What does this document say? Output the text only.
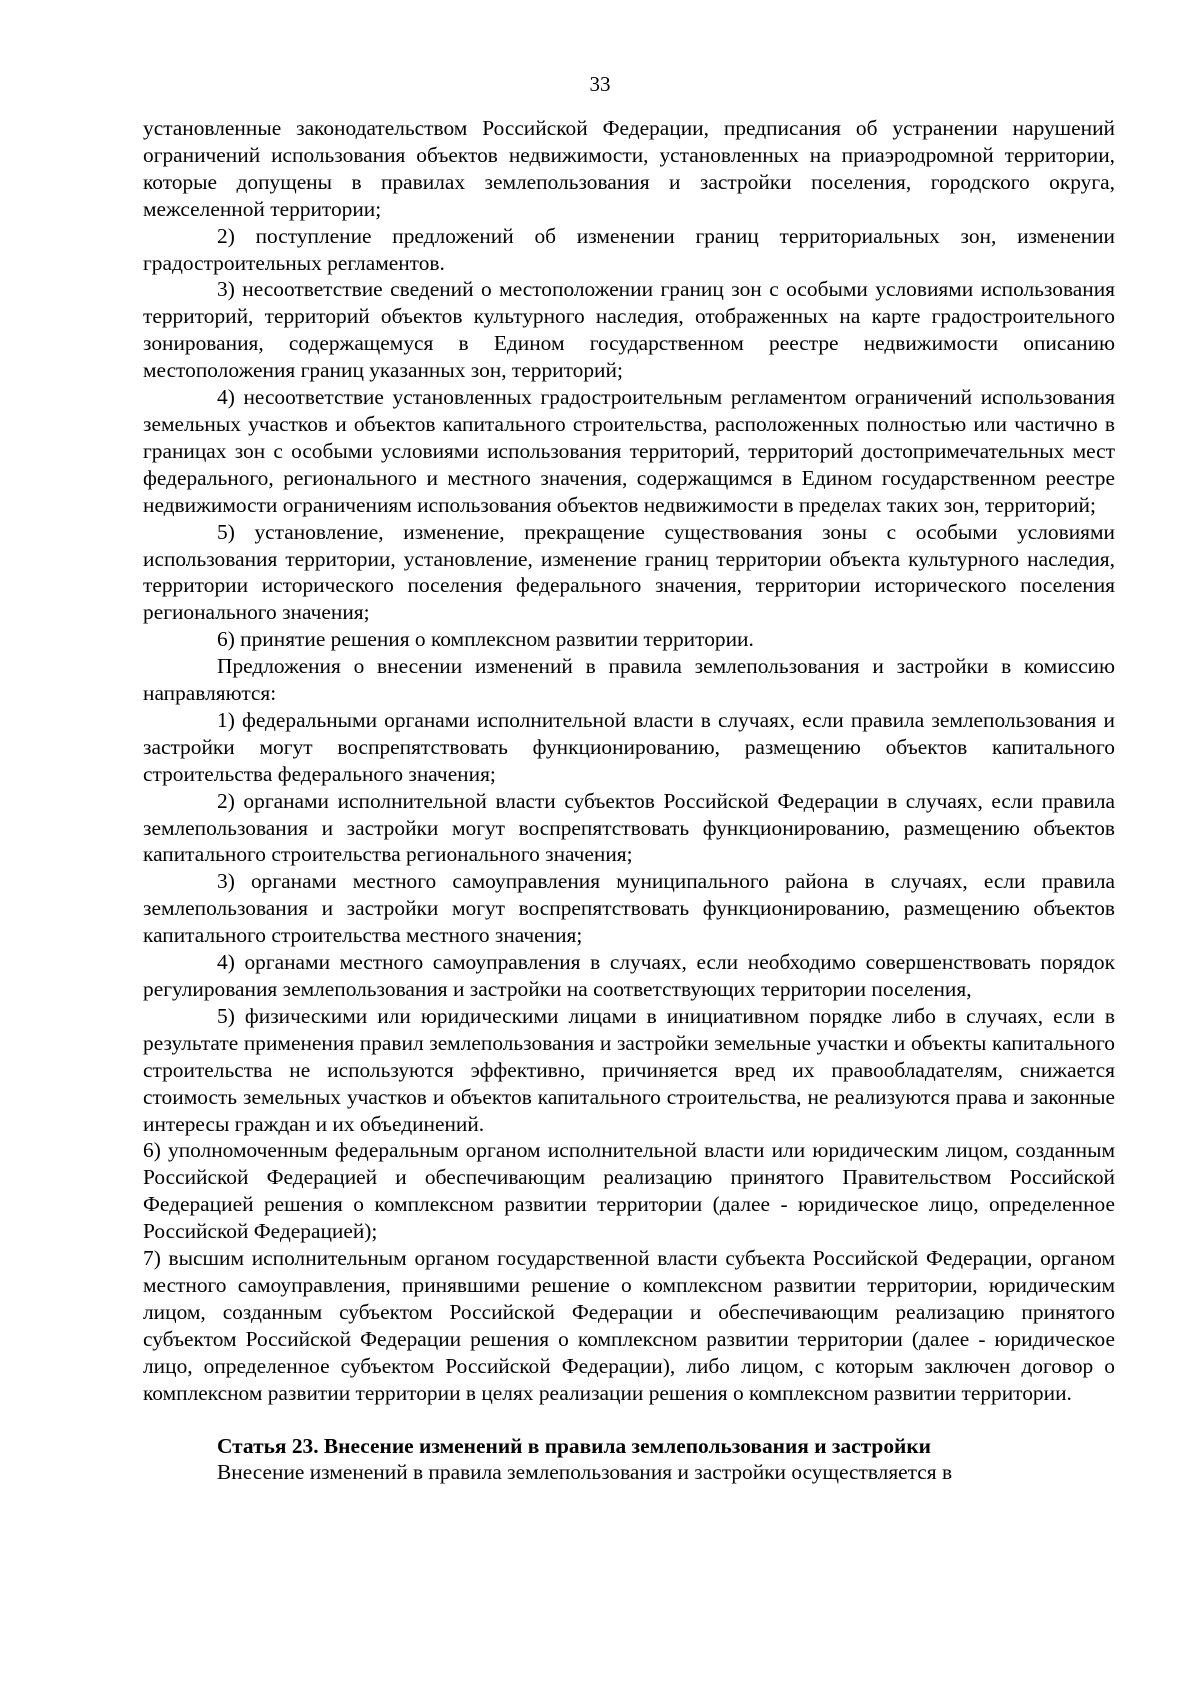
33

установленные законодательством Российской Федерации, предписания об устранении нарушений ограничений использования объектов недвижимости, установленных на приаэродромной территории, которые допущены в правилах землепользования и застройки поселения, городского округа, межселенной территории;

2) поступление предложений об изменении границ территориальных зон, изменении градостроительных регламентов.

3) несоответствие сведений о местоположении границ зон с особыми условиями использования территорий, территорий объектов культурного наследия, отображенных на карте градостроительного зонирования, содержащемуся в Едином государственном реестре недвижимости описанию местоположения границ указанных зон, территорий;

4) несоответствие установленных градостроительным регламентом ограничений использования земельных участков и объектов капитального строительства, расположенных полностью или частично в границах зон с особыми условиями использования территорий, территорий достопримечательных мест федерального, регионального и местного значения, содержащимся в Едином государственном реестре недвижимости ограничениям использования объектов недвижимости в пределах таких зон, территорий;

5) установление, изменение, прекращение существования зоны с особыми условиями использования территории, установление, изменение границ территории объекта культурного наследия, территории исторического поселения федерального значения, территории исторического поселения регионального значения;

6) принятие решения о комплексном развитии территории.

Предложения о внесении изменений в правила землепользования и застройки в комиссию направляются:

1) федеральными органами исполнительной власти в случаях, если правила землепользования и застройки могут воспрепятствовать функционированию, размещению объектов капитального строительства федерального значения;

2) органами исполнительной власти субъектов Российской Федерации в случаях, если правила землепользования и застройки могут воспрепятствовать функционированию, размещению объектов капитального строительства регионального значения;

3) органами местного самоуправления муниципального района в случаях, если правила землепользования и застройки могут воспрепятствовать функционированию, размещению объектов капитального строительства местного значения;

4) органами местного самоуправления в случаях, если необходимо совершенствовать порядок регулирования землепользования и застройки на соответствующих территории поселения,

5) физическими или юридическими лицами в инициативном порядке либо в случаях, если в результате применения правил землепользования и застройки земельные участки и объекты капитального строительства не используются эффективно, причиняется вред их правообладателям, снижается стоимость земельных участков и объектов капитального строительства, не реализуются права и законные интересы граждан и их объединений.

6) уполномоченным федеральным органом исполнительной власти или юридическим лицом, созданным Российской Федерацией и обеспечивающим реализацию принятого Правительством Российской Федерацией решения о комплексном развитии территории (далее - юридическое лицо, определенное Российской Федерацией);

7) высшим исполнительным органом государственной власти субъекта Российской Федерации, органом местного самоуправления, принявшими решение о комплексном развитии территории, юридическим лицом, созданным субъектом Российской Федерации и обеспечивающим реализацию принятого субъектом Российской Федерации решения о комплексном развитии территории (далее - юридическое лицо, определенное субъектом Российской Федерации), либо лицом, с которым заключен договор о комплексном развитии территории в целях реализации решения о комплексном развитии территории.

Статья 23. Внесение изменений в правила землепользования и застройки

Внесение изменений в правила землепользования и застройки осуществляется в
